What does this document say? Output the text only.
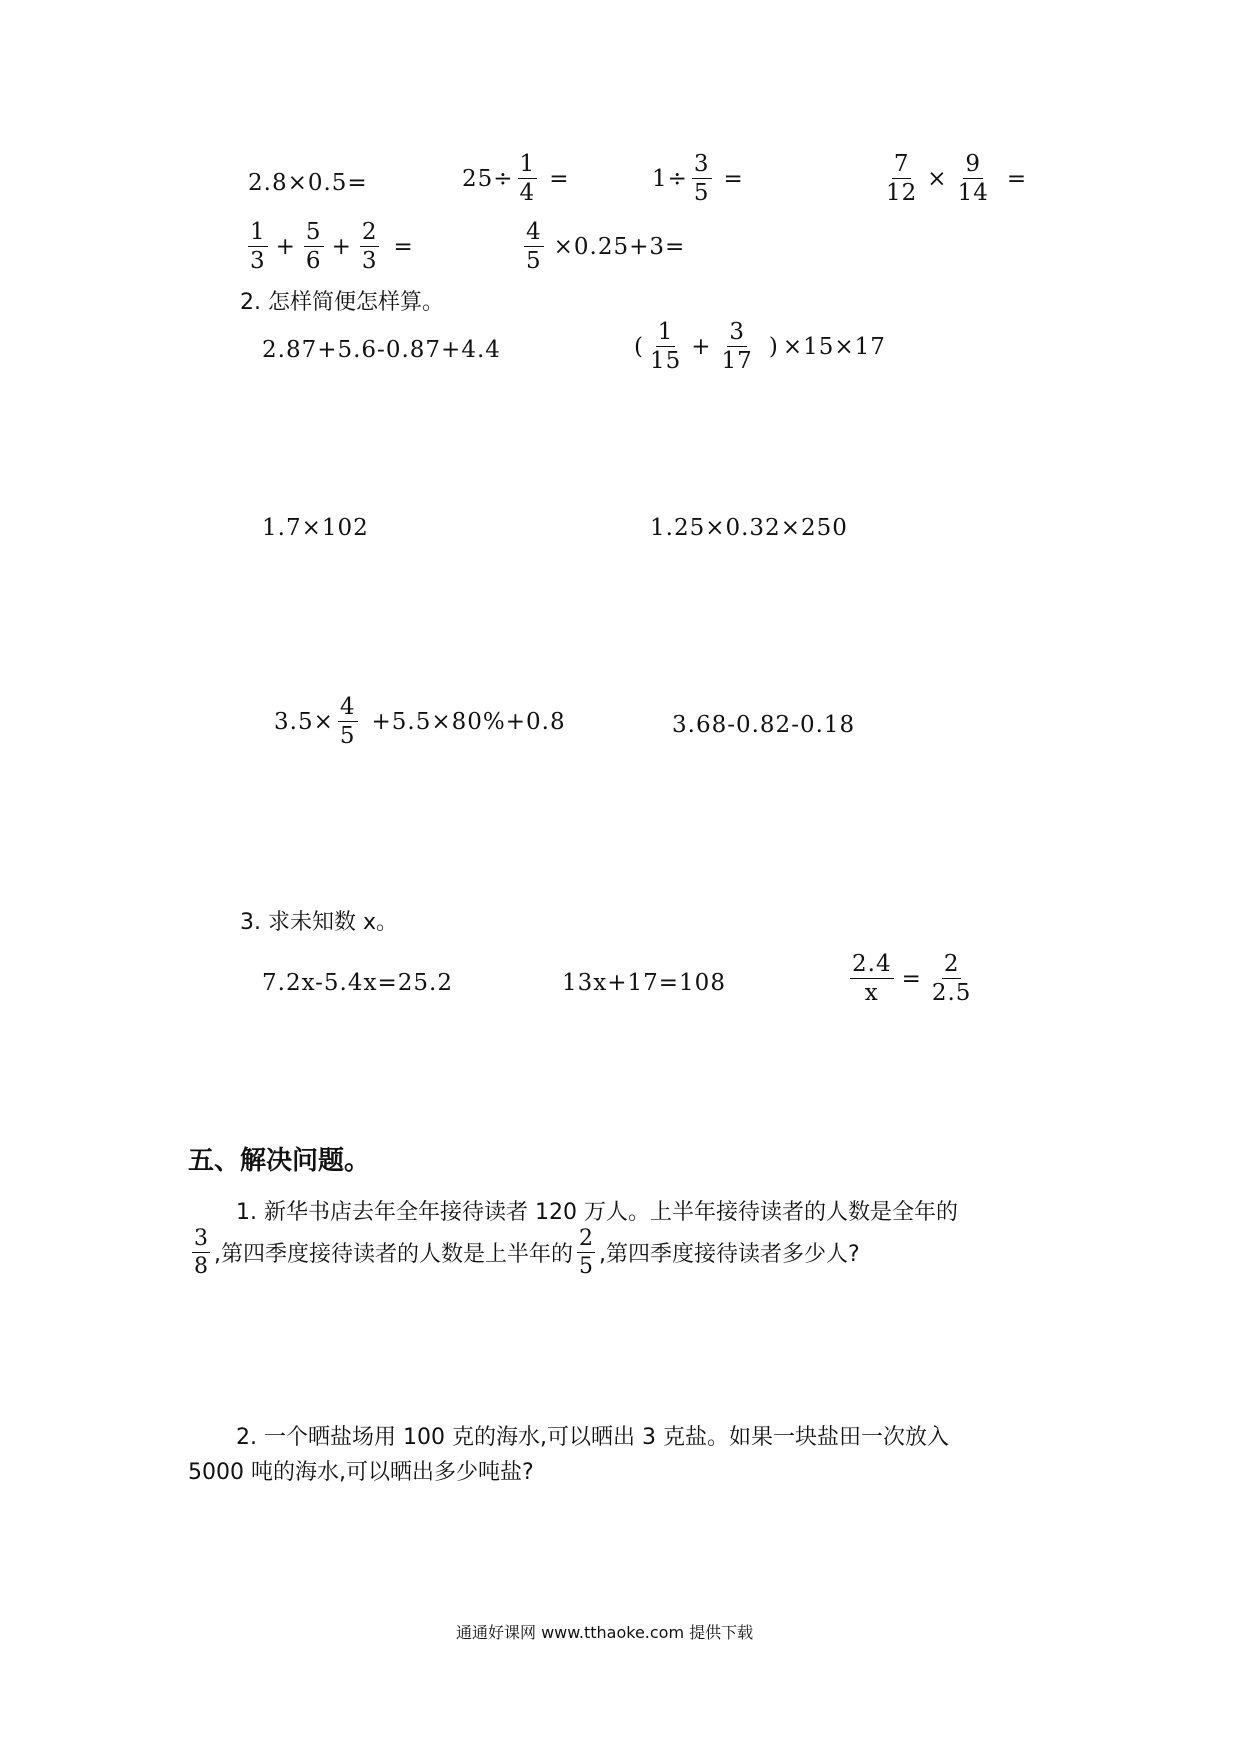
2.8×0.5=	$25\div \frac{1}{4}$ =	$1\div \frac{3}{5}$ =	$\frac{7}{12} \times \frac{9}{14}$ =
$\frac{1}{3} + \frac{5}{6} + \frac{2}{3}$ =	$\frac{4}{5} \times 0.25+3=$
2. 怎样简便怎样算。
2.87+5.6-0.87+4.4	( $\frac{1}{15} + \frac{3}{17}$ ) ×15×17
1.7×102	1.25×0.32×250
$3.5\times \frac{4}{5} +5.5\times 80\%+0.8$	3.68-0.82-0.18
3. 求未知数 x。
7.2x-5.4x=25.2	13x+17=108	$\frac{2.4}{x} = \frac{2}{2.5}$
五、解决问题。
1. 新华书店去年全年接待读者 120 万人。上半年接待读者的人数是全年的
$\frac{3}{8}$ ,第四季度接待读者的人数是上半年的 $\frac{2}{5}$ ,第四季度接待读者多少人?
2. 一个晒盐场用 100 克的海水,可以晒出 3 克盐。如果一块盐田一次放入
5000 吨的海水,可以晒出多少吨盐?
通通好课网 www.tthaoke.com 提供下载
